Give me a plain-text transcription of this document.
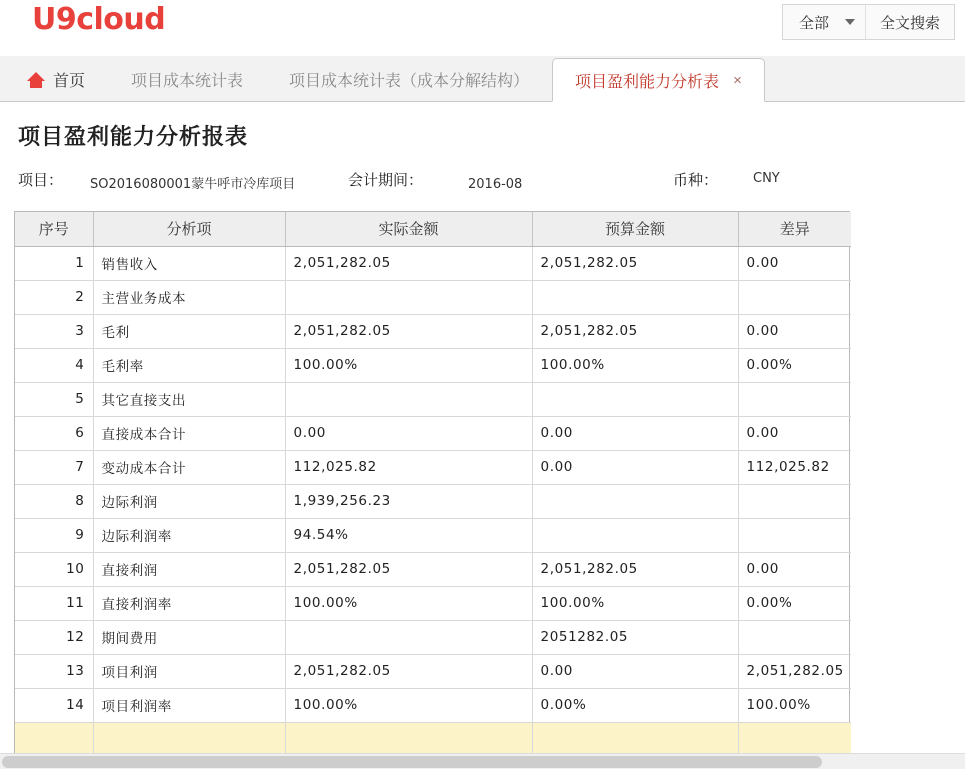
U9cloud	全部	全文搜索
首页	项目成本统计表	项目成本统计表（成本分解结构）	项目盈利能力分析表 ×
项目盈利能力分析报表
项目： SO2016080001蒙牛呼市冷库项目	会计期间：	2016-08	币种：	CNY
序号	分析项	实际金额	预算金额	差异
1	销售收入	2,051,282.05	2,051,282.05	0.00
2	主营业务成本			
3	毛利	2,051,282.05	2,051,282.05	0.00
4	毛利率	100.00%	100.00%	0.00%
5	其它直接支出			
6	直接成本合计	0.00	0.00	0.00
7	变动成本合计	112,025.82	0.00	112,025.82
8	边际利润	1,939,256.23		
9	边际利润率	94.54%		
10	直接利润	2,051,282.05	2,051,282.05	0.00
11	直接利润率	100.00%	100.00%	0.00%
12	期间费用		2051282.05	
13	项目利润	2,051,282.05	0.00	2,051,282.05
14	项目利润率	100.00%	0.00%	100.00%
